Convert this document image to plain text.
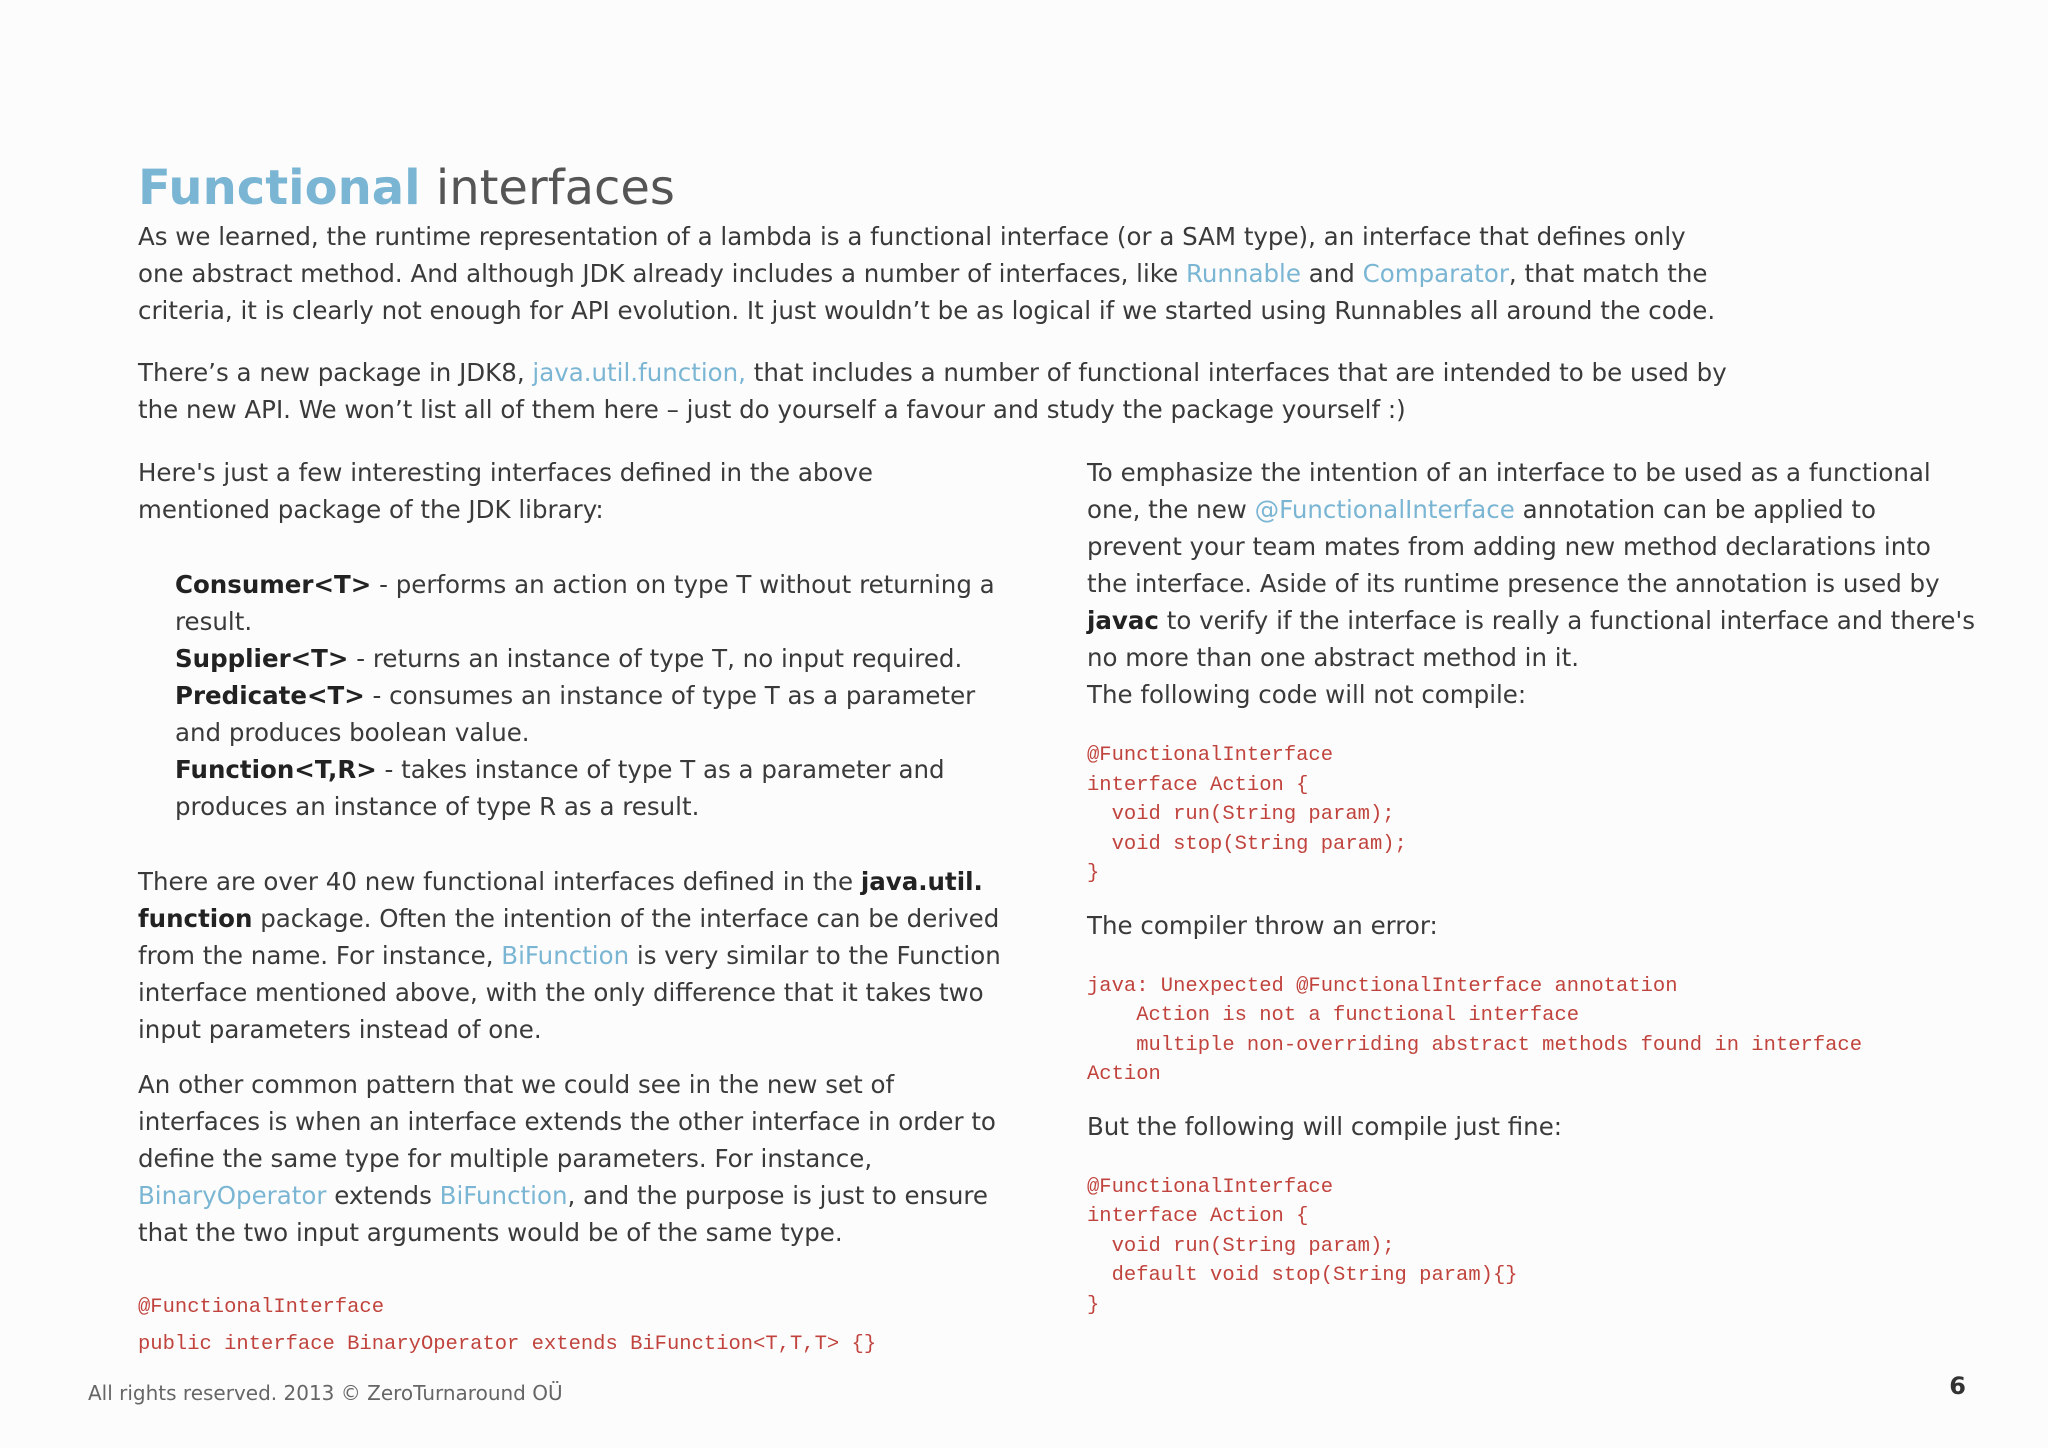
Functional interfaces

As we learned, the runtime representation of a lambda is a functional interface (or a SAM type), an interface that defines only one abstract method. And although JDK already includes a number of interfaces, like Runnable and Comparator, that match the criteria, it is clearly not enough for API evolution. It just wouldn’t be as logical if we started using Runnables all around the code.

There’s a new package in JDK8, java.util.function, that includes a number of functional interfaces that are intended to be used by the new API. We won’t list all of them here – just do yourself a favour and study the package yourself :)

Here's just a few interesting interfaces defined in the above mentioned package of the JDK library:

Consumer<T> - performs an action on type T without returning a result.
Supplier<T> - returns an instance of type T, no input required.
Predicate<T> - consumes an instance of type T as a parameter and produces boolean value.
Function<T,R> - takes instance of type T as a parameter and produces an instance of type R as a result.

There are over 40 new functional interfaces defined in the java.util. function package. Often the intention of the interface can be derived from the name. For instance, BiFunction is very similar to the Function interface mentioned above, with the only difference that it takes two input parameters instead of one.

An other common pattern that we could see in the new set of interfaces is when an interface extends the other interface in order to define the same type for multiple parameters. For instance, BinaryOperator extends BiFunction, and the purpose is just to ensure that the two input arguments would be of the same type.

@FunctionalInterface
public interface BinaryOperator extends BiFunction<T,T,T> {}

To emphasize the intention of an interface to be used as a functional one, the new @FunctionalInterface annotation can be applied to prevent your team mates from adding new method declarations into the interface. Aside of its runtime presence the annotation is used by javac to verify if the interface is really a functional interface and there's no more than one abstract method in it.

The following code will not compile:

@FunctionalInterface
interface Action {
void run(String param);
void stop(String param);
}

The compiler throw an error:

java: Unexpected @FunctionalInterface annotation
Action is not a functional interface
multiple non-overriding abstract methods found in interface
Action

But the following will compile just fine:

@FunctionalInterface
interface Action {
void run(String param);
default void stop(String param){}
}
All rights reserved. 2013 © ZeroTurnaround OÜ	6
